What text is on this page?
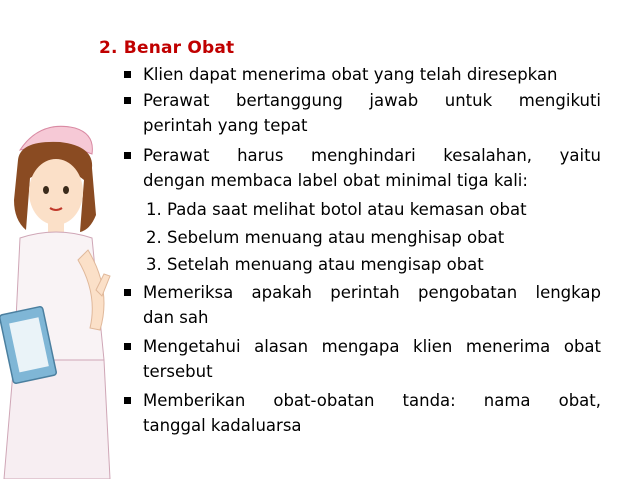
2. Benar Obat
Klien dapat menerima obat yang telah diresepkan
Perawat bertanggung jawab untuk mengikuti
perintah yang tepat
Perawat harus menghindari kesalahan, yaitu
dengan membaca label obat minimal tiga kali:
1. Pada saat melihat botol atau kemasan obat
2. Sebelum menuang atau menghisap obat
3. Setelah menuang atau mengisap obat
Memeriksa apakah perintah pengobatan lengkap
dan sah
Mengetahui alasan mengapa klien menerima obat
tersebut
Memberikan obat-obatan tanda: nama obat,
tanggal kadaluarsa
